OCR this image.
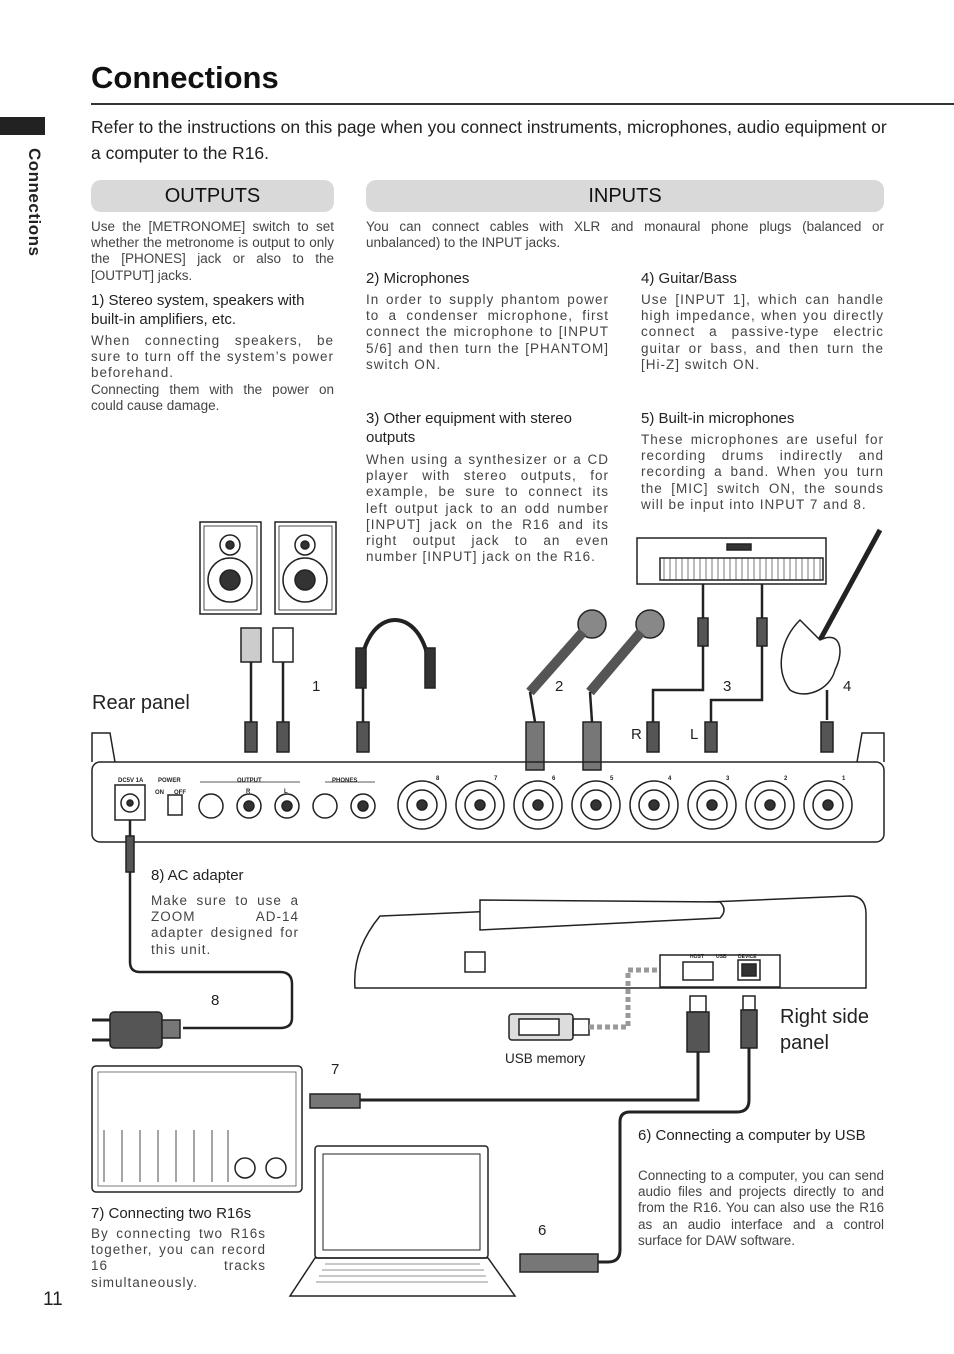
Connections
Connections
Refer to the instructions on this page when you connect instruments, microphones, audio equipment or a computer to the R16.
OUTPUTS	INPUTS
Use the [METRONOME] switch to set whether the metronome is output to only the [PHONES] jack or also to the [OUTPUT] jacks.
1) Stereo system, speakers with built-in amplifiers, etc.
When connecting speakers, be sure to turn off the system’s power beforehand.
Connecting them with the power on could cause damage.
You can connect cables with XLR and monaural phone plugs (balanced or unbalanced) to the INPUT jacks.
2) Microphones
In order to supply phantom power to a condenser microphone, first connect the microphone to [INPUT 5/6] and then turn the [PHANTOM] switch ON.
3) Other equipment with stereo outputs
When using a synthesizer or a CD player with stereo outputs, for example, be sure to connect its left output jack to an odd number [INPUT] jack on the R16 and its right output jack to an even number [INPUT] jack on the R16.
4) Guitar/Bass
Use [INPUT 1], which can handle high impedance, when you directly connect a passive-type electric guitar or bass, and then turn the [Hi-Z] switch ON.
5) Built-in microphones
These microphones are useful for recording drums indirectly and recording a band. When you turn the [MIC] switch ON, the sounds will be input into INPUT 7 and 8.
DC5V 1A POWER
ON OFF
OUTPUT
R	L
PHONES	8	7	6	5	4	3	2	1
HOST USB DEVICE
Rear panel
Right side
panel
1	2	3	4
R	L
8
7
6
USB memory
8) AC adapter
Make sure to use a ZOOM AD-14 adapter designed for this unit.
7) Connecting two R16s
By connecting two R16s together, you can record 16 tracks simultaneously.
6) Connecting a computer by USB
Connecting to a computer, you can send audio files and projects directly to and from the R16. You can also use the R16 as an audio interface and a control surface for DAW software.
11
